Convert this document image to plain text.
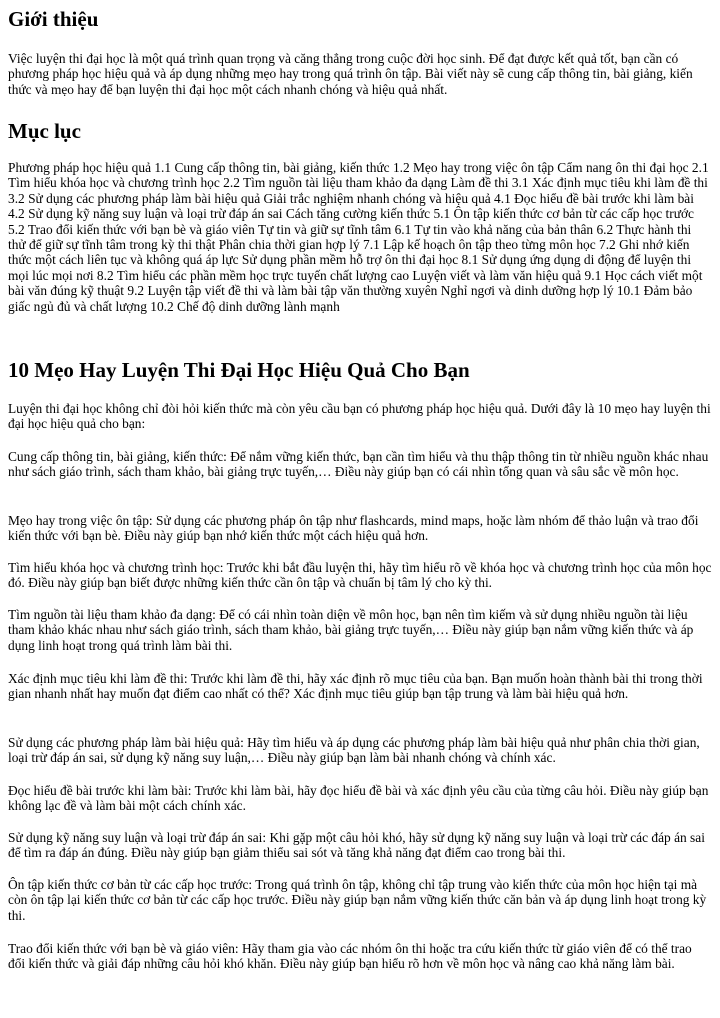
Giới thiệu

Việc luyện thi đại học là một quá trình quan trọng và căng thẳng trong cuộc đời học sinh. Để đạt được kết quả tốt, bạn cần có phương pháp học hiệu quả và áp dụng những mẹo hay trong quá trình ôn tập. Bài viết này sẽ cung cấp thông tin, bài giảng, kiến thức và mẹo hay để bạn luyện thi đại học một cách nhanh chóng và hiệu quả nhất.

Mục lục

Phương pháp học hiệu quả 1.1 Cung cấp thông tin, bài giảng, kiến thức 1.2 Mẹo hay trong việc ôn tập Cẩm nang ôn thi đại học 2.1 Tìm hiểu khóa học và chương trình học 2.2 Tìm nguồn tài liệu tham khảo đa dạng Làm đề thi 3.1 Xác định mục tiêu khi làm đề thi 3.2 Sử dụng các phương pháp làm bài hiệu quả Giải trắc nghiệm nhanh chóng và hiệu quả 4.1 Đọc hiểu đề bài trước khi làm bài 4.2 Sử dụng kỹ năng suy luận và loại trừ đáp án sai Cách tăng cường kiến thức 5.1 Ôn tập kiến thức cơ bản từ các cấp học trước 5.2 Trao đổi kiến thức với bạn bè và giáo viên Tự tin và giữ sự tĩnh tâm 6.1 Tự tin vào khả năng của bản thân 6.2 Thực hành thi thử để giữ sự tĩnh tâm trong kỳ thi thật Phân chia thời gian hợp lý 7.1 Lập kế hoạch ôn tập theo từng môn học 7.2 Ghi nhớ kiến thức một cách liên tục và không quá áp lực Sử dụng phần mềm hỗ trợ ôn thi đại học 8.1 Sử dụng ứng dụng di động để luyện thi mọi lúc mọi nơi 8.2 Tìm hiểu các phần mềm học trực tuyến chất lượng cao Luyện viết và làm văn hiệu quả 9.1 Học cách viết một bài văn đúng kỹ thuật 9.2 Luyện tập viết đề thi và làm bài tập văn thường xuyên Nghỉ ngơi và dinh dưỡng hợp lý 10.1 Đảm bảo giấc ngủ đủ và chất lượng 10.2 Chế độ dinh dưỡng lành mạnh

10 Mẹo Hay Luyện Thi Đại Học Hiệu Quả Cho Bạn

Luyện thi đại học không chỉ đòi hỏi kiến thức mà còn yêu cầu bạn có phương pháp học hiệu quả. Dưới đây là 10 mẹo hay luyện thi đại học hiệu quả cho bạn:

Cung cấp thông tin, bài giảng, kiến thức: Để nắm vững kiến thức, bạn cần tìm hiểu và thu thập thông tin từ nhiều nguồn khác nhau như sách giáo trình, sách tham khảo, bài giảng trực tuyến,… Điều này giúp bạn có cái nhìn tổng quan và sâu sắc về môn học.

Mẹo hay trong việc ôn tập: Sử dụng các phương pháp ôn tập như flashcards, mind maps, hoặc làm nhóm để thảo luận và trao đổi kiến thức với bạn bè. Điều này giúp bạn nhớ kiến thức một cách hiệu quả hơn.

Tìm hiểu khóa học và chương trình học: Trước khi bắt đầu luyện thi, hãy tìm hiểu rõ về khóa học và chương trình học của môn học đó. Điều này giúp bạn biết được những kiến thức cần ôn tập và chuẩn bị tâm lý cho kỳ thi.

Tìm nguồn tài liệu tham khảo đa dạng: Để có cái nhìn toàn diện về môn học, bạn nên tìm kiếm và sử dụng nhiều nguồn tài liệu tham khảo khác nhau như sách giáo trình, sách tham khảo, bài giảng trực tuyến,… Điều này giúp bạn nắm vững kiến thức và áp dụng linh hoạt trong quá trình làm bài thi.

Xác định mục tiêu khi làm đề thi: Trước khi làm đề thi, hãy xác định rõ mục tiêu của bạn. Bạn muốn hoàn thành bài thi trong thời gian nhanh nhất hay muốn đạt điểm cao nhất có thể? Xác định mục tiêu giúp bạn tập trung và làm bài hiệu quả hơn.

Sử dụng các phương pháp làm bài hiệu quả: Hãy tìm hiểu và áp dụng các phương pháp làm bài hiệu quả như phân chia thời gian, loại trừ đáp án sai, sử dụng kỹ năng suy luận,… Điều này giúp bạn làm bài nhanh chóng và chính xác.

Đọc hiểu đề bài trước khi làm bài: Trước khi làm bài, hãy đọc hiểu đề bài và xác định yêu cầu của từng câu hỏi. Điều này giúp bạn không lạc đề và làm bài một cách chính xác.

Sử dụng kỹ năng suy luận và loại trừ đáp án sai: Khi gặp một câu hỏi khó, hãy sử dụng kỹ năng suy luận và loại trừ các đáp án sai để tìm ra đáp án đúng. Điều này giúp bạn giảm thiểu sai sót và tăng khả năng đạt điểm cao trong bài thi.

Ôn tập kiến thức cơ bản từ các cấp học trước: Trong quá trình ôn tập, không chỉ tập trung vào kiến thức của môn học hiện tại mà còn ôn tập lại kiến thức cơ bản từ các cấp học trước. Điều này giúp bạn nắm vững kiến thức căn bản và áp dụng linh hoạt trong kỳ thi.

Trao đổi kiến thức với bạn bè và giáo viên: Hãy tham gia vào các nhóm ôn thi hoặc tra cứu kiến thức từ giáo viên để có thể trao đổi kiến thức và giải đáp những câu hỏi khó khăn. Điều này giúp bạn hiểu rõ hơn về môn học và nâng cao khả năng làm bài.
